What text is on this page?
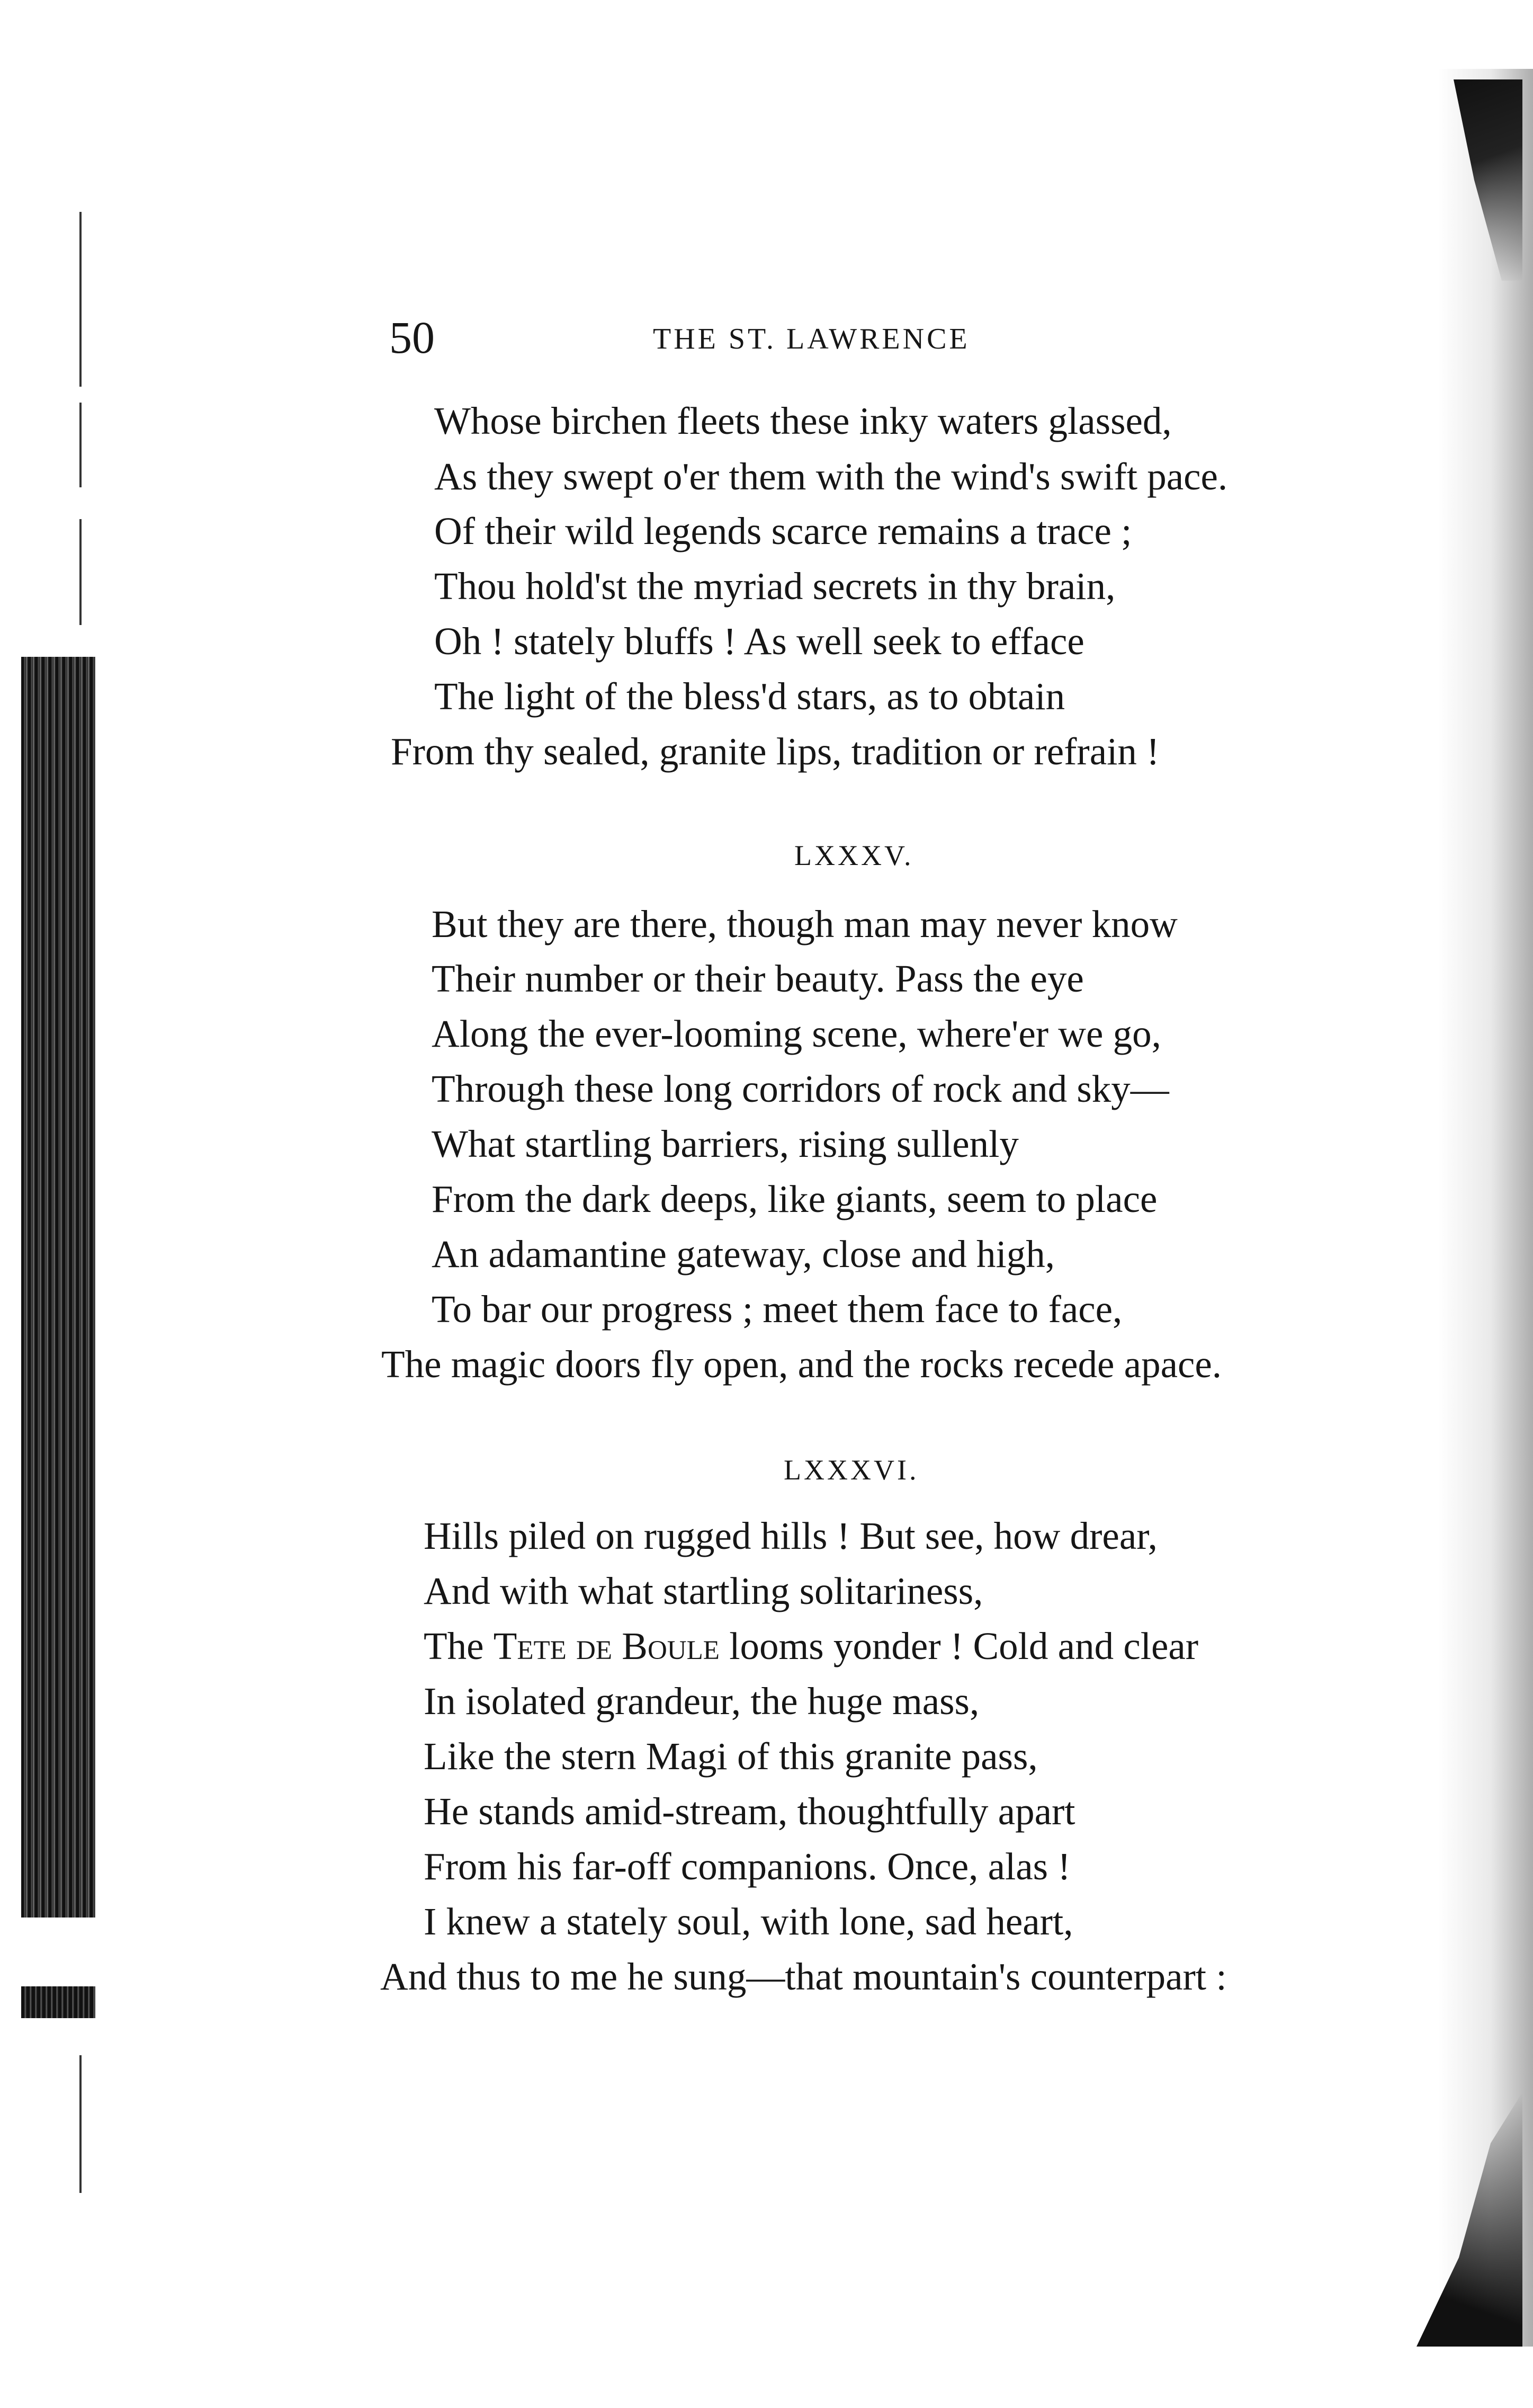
50	THE ST. LAWRENCE
Whose birchen fleets these inky waters glassed,
As they swept o'er them with the wind's swift pace.
Of their wild legends scarce remains a trace ;
Thou hold'st the myriad secrets in thy brain,
Oh ! stately bluffs ! As well seek to efface
The light of the bless'd stars, as to obtain
From thy sealed, granite lips, tradition or refrain !
LXXXV.
But they are there, though man may never know
Their number or their beauty. Pass the eye
Along the ever-looming scene, where'er we go,
Through these long corridors of rock and sky—
What startling barriers, rising sullenly
From the dark deeps, like giants, seem to place
An adamantine gateway, close and high,
To bar our progress ; meet them face to face,
The magic doors fly open, and the rocks recede apace.
LXXXVI.
Hills piled on rugged hills ! But see, how drear,
And with what startling solitariness,
The Tete de Boule looms yonder ! Cold and clear
In isolated grandeur, the huge mass,
Like the stern Magi of this granite pass,
He stands amid-stream, thoughtfully apart
From his far-off companions. Once, alas !
I knew a stately soul, with lone, sad heart,
And thus to me he sung—that mountain's counterpart :
